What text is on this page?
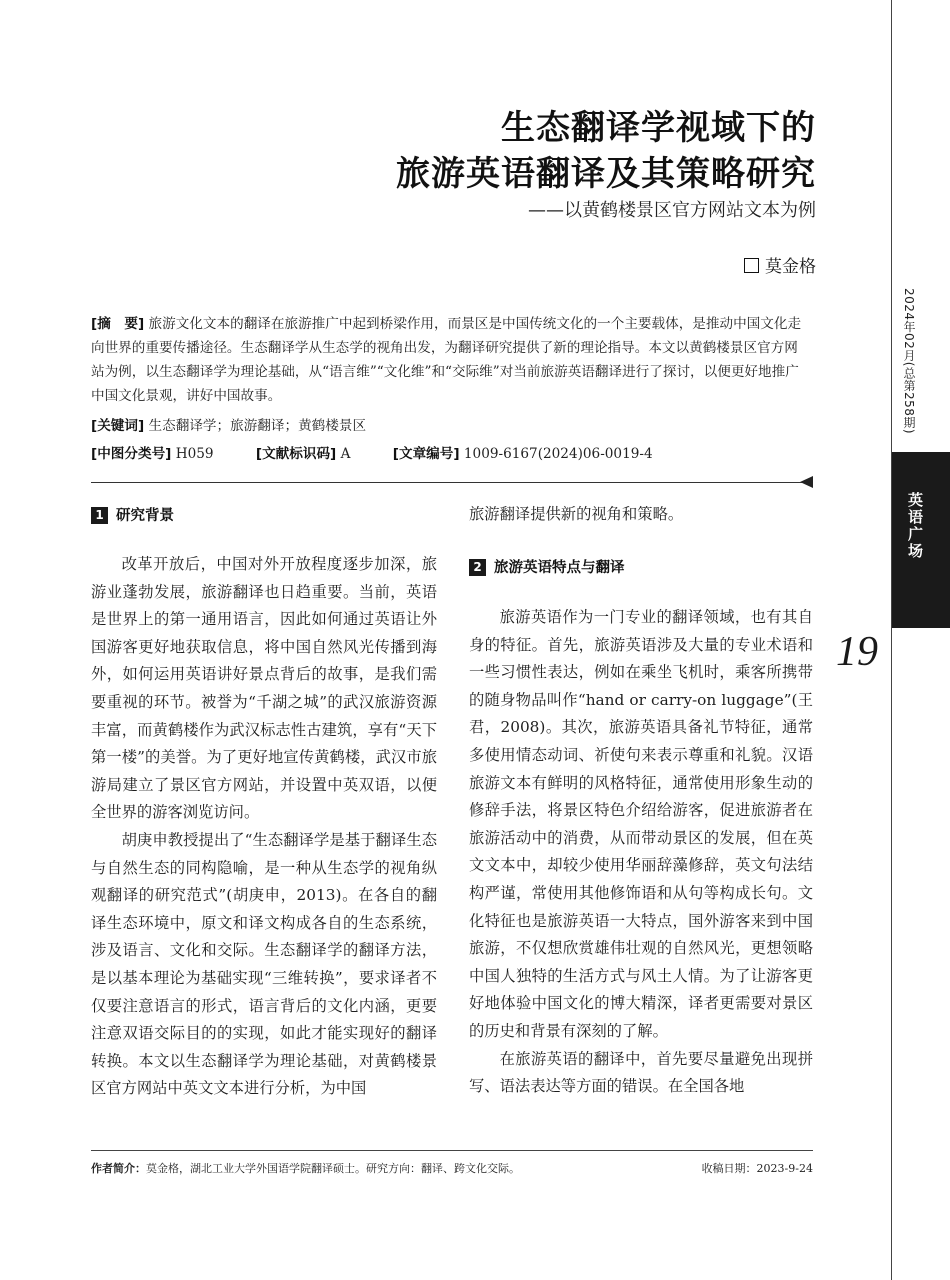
2024年02月(总第258期)
英语广场
19
生态翻译学视域下的
旅游英语翻译及其策略研究
——以黄鹤楼景区官方网站文本为例
莫金格
[摘　要] 旅游文化文本的翻译在旅游推广中起到桥梁作用，而景区是中国传统文化的一个主要载体，是推动中国文化走向世界的重要传播途径。生态翻译学从生态学的视角出发，为翻译研究提供了新的理论指导。本文以黄鹤楼景区官方网站为例，以生态翻译学为理论基础，从“语言维”“文化维”和“交际维”对当前旅游英语翻译进行了探讨，以便更好地推广中国文化景观，讲好中国故事。
[关键词] 生态翻译学；旅游翻译；黄鹤楼景区
[中图分类号] H059	[文献标识码] A	[文章编号] 1009-6167(2024)06-0019-4
1 研究背景

改革开放后，中国对外开放程度逐步加深，旅游业蓬勃发展，旅游翻译也日趋重要。当前，英语是世界上的第一通用语言，因此如何通过英语让外国游客更好地获取信息，将中国自然风光传播到海外，如何运用英语讲好景点背后的故事，是我们需要重视的环节。被誉为“千湖之城”的武汉旅游资源丰富，而黄鹤楼作为武汉标志性古建筑，享有“天下第一楼”的美誉。为了更好地宣传黄鹤楼，武汉市旅游局建立了景区官方网站，并设置中英双语，以便全世界的游客浏览访问。

胡庚申教授提出了“生态翻译学是基于翻译生态与自然生态的同构隐喻，是一种从生态学的视角纵观翻译的研究范式”(胡庚申，2013)。在各自的翻译生态环境中，原文和译文构成各自的生态系统，涉及语言、文化和交际。生态翻译学的翻译方法，是以基本理论为基础实现“三维转换”，要求译者不仅要注意语言的形式，语言背后的文化内涵，更要注意双语交际目的的实现，如此才能实现好的翻译转换。本文以生态翻译学为理论基础，对黄鹤楼景区官方网站中英文文本进行分析，为中国

旅游翻译提供新的视角和策略。

2 旅游英语特点与翻译

旅游英语作为一门专业的翻译领域，也有其自身的特征。首先，旅游英语涉及大量的专业术语和一些习惯性表达，例如在乘坐飞机时，乘客所携带的随身物品叫作“hand or carry-on luggage”(王君，2008)。其次，旅游英语具备礼节特征，通常多使用情态动词、祈使句来表示尊重和礼貌。汉语旅游文本有鲜明的风格特征，通常使用形象生动的修辞手法，将景区特色介绍给游客，促进旅游者在旅游活动中的消费，从而带动景区的发展，但在英文文本中，却较少使用华丽辞藻修辞，英文句法结构严谨，常使用其他修饰语和从句等构成长句。文化特征也是旅游英语一大特点，国外游客来到中国旅游，不仅想欣赏雄伟壮观的自然风光，更想领略中国人独特的生活方式与风土人情。为了让游客更好地体验中国文化的博大精深，译者更需要对景区的历史和背景有深刻的了解。

在旅游英语的翻译中，首先要尽量避免出现拼写、语法表达等方面的错误。在全国各地

作者简介：莫金格，湖北工业大学外国语学院翻译硕士。研究方向：翻译、跨文化交际。	收稿日期：2023-9-24
